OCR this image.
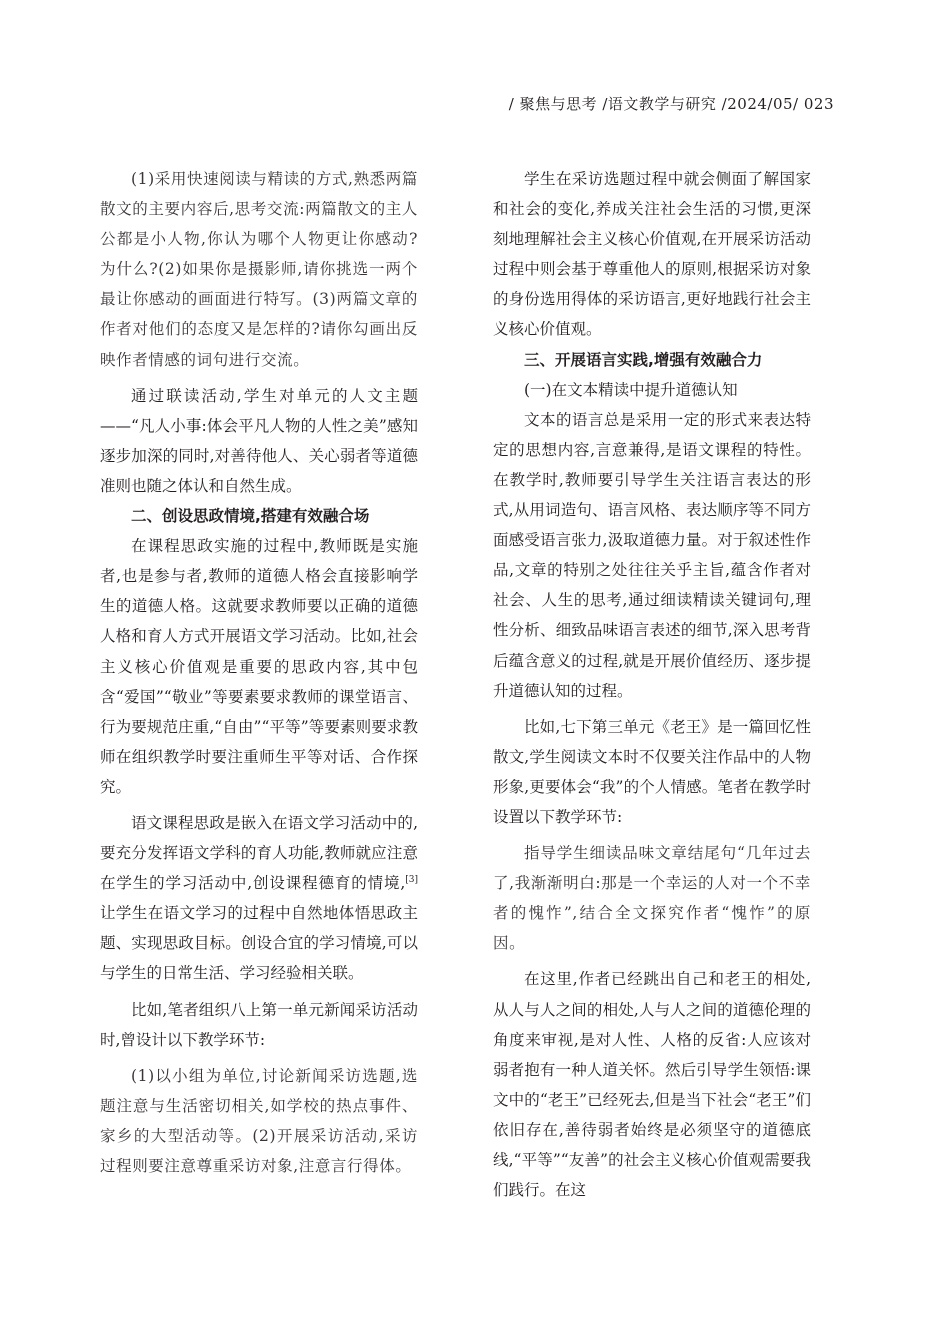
/ 聚焦与思考 /语文教学与研究 /2024/05/ 023

(1)采用快速阅读与精读的方式,熟悉两篇散文的主要内容后,思考交流:两篇散文的主人公都是小人物,你认为哪个人物更让你感动?为什么?(2)如果你是摄影师,请你挑选一两个最让你感动的画面进行特写。(3)两篇文章的作者对他们的态度又是怎样的?请你勾画出反映作者情感的词句进行交流。

通过联读活动,学生对单元的人文主题——“凡人小事:体会平凡人物的人性之美”感知逐步加深的同时,对善待他人、关心弱者等道德准则也随之体认和自然生成。

二、创设思政情境,搭建有效融合场

在课程思政实施的过程中,教师既是实施者,也是参与者,教师的道德人格会直接影响学生的道德人格。这就要求教师要以正确的道德人格和育人方式开展语文学习活动。比如,社会主义核心价值观是重要的思政内容,其中包含“爱国”“敬业”等要素要求教师的课堂语言、行为要规范庄重,“自由”“平等”等要素则要求教师在组织教学时要注重师生平等对话、合作探究。

语文课程思政是嵌入在语文学习活动中的,要充分发挥语文学科的育人功能,教师就应注意在学生的学习活动中,创设课程德育的情境,[3] 让学生在语文学习的过程中自然地体悟思政主题、实现思政目标。创设合宜的学习情境,可以与学生的日常生活、学习经验相关联。

比如,笔者组织八上第一单元新闻采访活动时,曾设计以下教学环节:

(1)以小组为单位,讨论新闻采访选题,选题注意与生活密切相关,如学校的热点事件、家乡的大型活动等。(2)开展采访活动,采访过程则要注意尊重采访对象,注意言行得体。

学生在采访选题过程中就会侧面了解国家和社会的变化,养成关注社会生活的习惯,更深刻地理解社会主义核心价值观,在开展采访活动过程中则会基于尊重他人的原则,根据采访对象的身份选用得体的采访语言,更好地践行社会主义核心价值观。

三、开展语言实践,增强有效融合力
(一)在文本精读中提升道德认知

文本的语言总是采用一定的形式来表达特定的思想内容,言意兼得,是语文课程的特性。在教学时,教师要引导学生关注语言表达的形式,从用词造句、语言风格、表达顺序等不同方面感受语言张力,汲取道德力量。对于叙述性作品,文章的特别之处往往关乎主旨,蕴含作者对社会、人生的思考,通过细读精读关键词句,理性分析、细致品味语言表述的细节,深入思考背后蕴含意义的过程,就是开展价值经历、逐步提升道德认知的过程。

比如,七下第三单元《老王》是一篇回忆性散文,学生阅读文本时不仅要关注作品中的人物形象,更要体会“我”的个人情感。笔者在教学时设置以下教学环节:

指导学生细读品味文章结尾句“几年过去了,我渐渐明白:那是一个幸运的人对一个不幸者的愧怍”,结合全文探究作者“愧怍”的原因。

在这里,作者已经跳出自己和老王的相处,从人与人之间的相处,人与人之间的道德伦理的角度来审视,是对人性、人格的反省:人应该对弱者抱有一种人道关怀。然后引导学生领悟:课文中的“老王”已经死去,但是当下社会“老王”们依旧存在,善待弱者始终是必须坚守的道德底线,“平等”“友善”的社会主义核心价值观需要我们践行。在这
